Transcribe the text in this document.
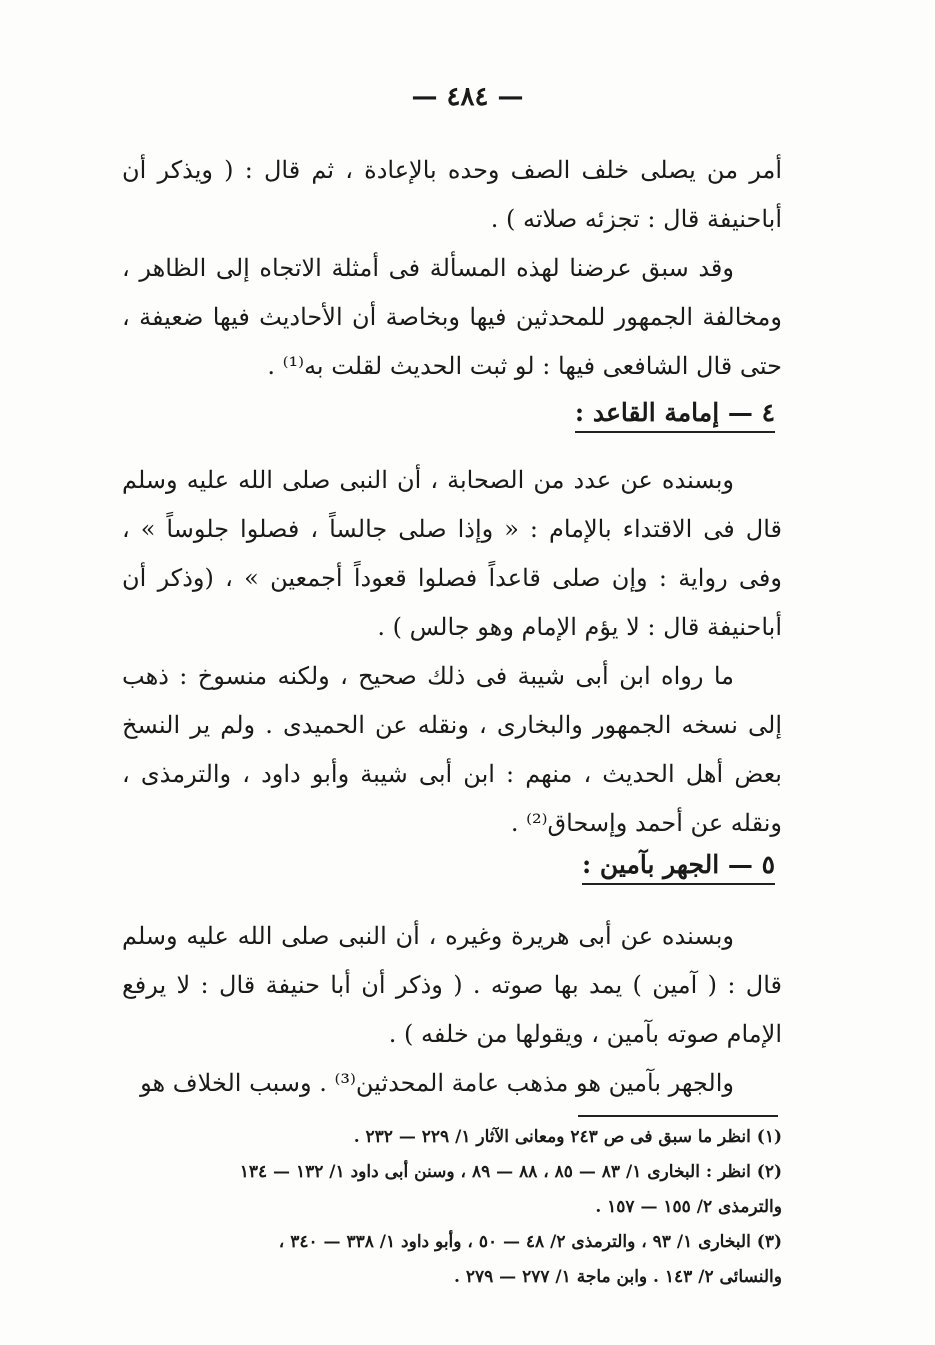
— ٤٨٤ —

أمر من يصلى خلف الصف وحده بالإعادة ، ثم قال : ( ويذكر أن أباحنيفة قال : تجزئه صلاته ) .

وقد سبق عرضنا لهذه المسألة فى أمثلة الاتجاه إلى الظاهر ، ومخالفة الجمهور للمحدثين فيها وبخاصة أن الأحاديث فيها ضعيفة ، حتى قال الشافعى فيها : لو ثبت الحديث لقلت به⁽¹⁾ .

٤ — إمامة القاعد :

وبسنده عن عدد من الصحابة ، أن النبى صلى الله عليه وسلم قال فى الاقتداء بالإمام : « وإذا صلى جالساً ، فصلوا جلوساً » ، وفى رواية : وإن صلى قاعداً فصلوا قعوداً أجمعين » ، (وذكر أن أباحنيفة قال : لا يؤم الإمام وهو جالس ) .

ما رواه ابن أبى شيبة فى ذلك صحيح ، ولكنه منسوخ : ذهب إلى نسخه الجمهور والبخارى ، ونقله عن الحميدى . ولم ير النسخ بعض أهل الحديث ، منهم : ابن أبى شيبة وأبو داود ، والترمذى ، ونقله عن أحمد وإسحاق⁽²⁾ .

٥ — الجهر بآمين :

وبسنده عن أبى هريرة وغيره ، أن النبى صلى الله عليه وسلم قال : ( آمين ) يمد بها صوته . ( وذكر أن أبا حنيفة قال : لا يرفع الإمام صوته بآمين ، ويقولها من خلفه ) .

والجهر بآمين هو مذهب عامة المحدثين⁽³⁾ . وسبب الخلاف هو

(١) انظر ما سبق فى ص ٢٤٣ ومعانى الآثار ١/ ٢٢٩ — ٢٣٢ .

(٢) انظر : البخارى ١/ ٨٣ — ٨٥ ، ٨٨ — ٨٩ ، وسنن أبى داود ١/ ١٣٢ — ١٣٤
والترمذى ٢/ ١٥٥ — ١٥٧ .

(٣) البخارى ١/ ٩٣ ، والترمذى ٢/ ٤٨ — ٥٠ ، وأبو داود ١/ ٣٣٨ — ٣٤٠ ،
والنسائى ٢/ ١٤٣ . وابن ماجة ١/ ٢٧٧ — ٢٧٩ .
